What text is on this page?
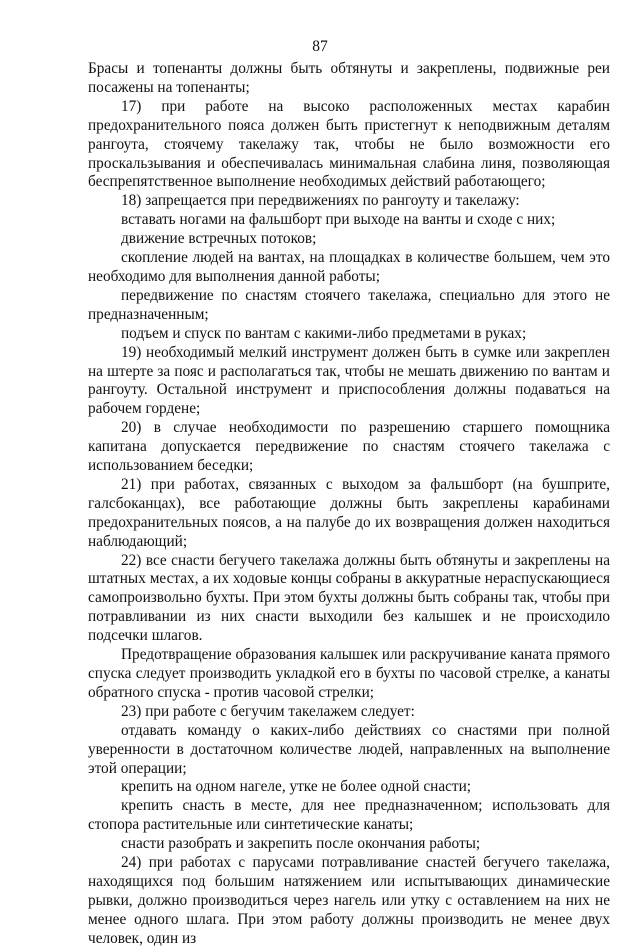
87

Брасы и топенанты должны быть обтянуты и закреплены, подвижные реи посажены на топенанты;

17) при работе на высоко расположенных местах карабин предохранительного пояса должен быть пристегнут к неподвижным деталям рангоута, стоячему такелажу так, чтобы не было возможности его проскальзывания и обеспечивалась минимальная слабина линя, позволяющая беспрепятственное выполнение необходимых действий работающего;

18) запрещается при передвижениях по рангоуту и такелажу:

вставать ногами на фальшборт при выходе на ванты и сходе с них;

движение встречных потоков;

скопление людей на вантах, на площадках в количестве большем, чем это необходимо для выполнения данной работы;

передвижение по снастям стоячего такелажа, специально для этого не предназначенным;

подъем и спуск по вантам с какими-либо предметами в руках;

19) необходимый мелкий инструмент должен быть в сумке или закреплен на штерте за пояс и располагаться так, чтобы не мешать движению по вантам и рангоуту. Остальной инструмент и приспособления должны подаваться на рабочем гордене;

20) в случае необходимости по разрешению старшего помощника капитана допускается передвижение по снастям стоячего такелажа с использованием беседки;

21) при работах, связанных с выходом за фальшборт (на бушприте, галсбоканцах), все работающие должны быть закреплены карабинами предохранительных поясов, а на палубе до их возвращения должен находиться наблюдающий;

22) все снасти бегучего такелажа должны быть обтянуты и закреплены на штатных местах, а их ходовые концы собраны в аккуратные нераспускающиеся самопроизвольно бухты. При этом бухты должны быть собраны так, чтобы при потравливании из них снасти выходили без калышек и не происходило подсечки шлагов.

Предотвращение образования калышек или раскручивание каната прямого спуска следует производить укладкой его в бухты по часовой стрелке, а канаты обратного спуска - против часовой стрелки;

23) при работе с бегучим такелажем следует:

отдавать команду о каких-либо действиях со снастями при полной уверенности в достаточном количестве людей, направленных на выполнение этой операции;

крепить на одном нагеле, утке не более одной снасти;

крепить снасть в месте, для нее предназначенном; использовать для стопора растительные или синтетические канаты;

снасти разобрать и закрепить после окончания работы;

24) при работах с парусами потравливание снастей бегучего такелажа, находящихся под большим натяжением или испытывающих динамические рывки, должно производиться через нагель или утку с оставлением на них не менее одного шлага. При этом работу должны производить не менее двух человек, один из
